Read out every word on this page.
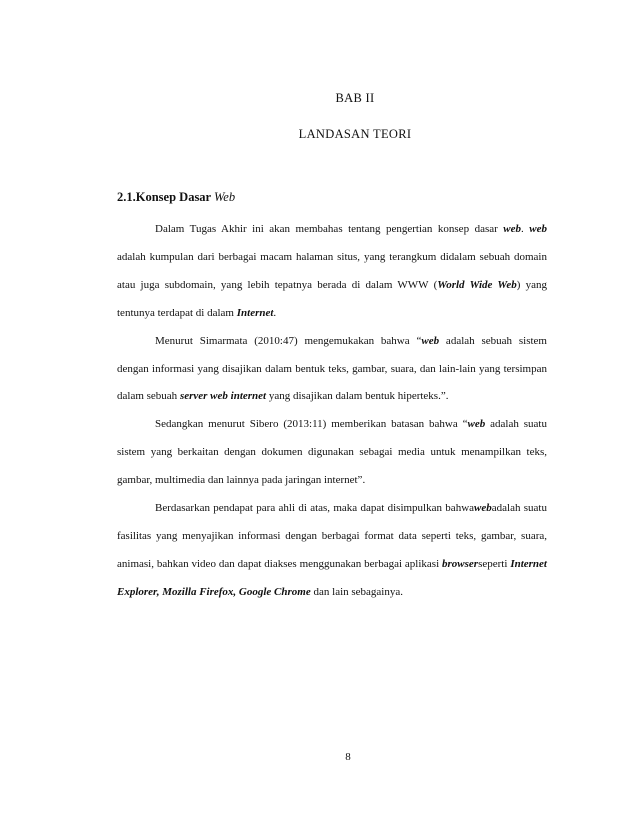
BAB II
LANDASAN TEORI
2.1.Konsep Dasar Web

Dalam Tugas Akhir ini akan membahas tentang pengertian konsep dasar web. web adalah kumpulan dari berbagai macam halaman situs, yang terangkum didalam sebuah domain atau juga subdomain, yang lebih tepatnya berada di dalam WWW (World Wide Web) yang tentunya terdapat di dalam Internet.

Menurut Simarmata (2010:47) mengemukakan bahwa “web adalah sebuah sistem dengan informasi yang disajikan dalam bentuk teks, gambar, suara, dan lain-lain yang tersimpan dalam sebuah server web internet yang disajikan dalam bentuk hiperteks.”.

Sedangkan menurut Sibero (2013:11) memberikan batasan bahwa “web adalah suatu sistem yang berkaitan dengan dokumen digunakan sebagai media untuk menampilkan teks, gambar, multimedia dan lainnya pada jaringan internet”.

Berdasarkan pendapat para ahli di atas, maka dapat disimpulkan bahwawebadalah suatu fasilitas yang menyajikan informasi dengan berbagai format data seperti teks, gambar, suara, animasi, bahkan video dan dapat diakses menggunakan berbagai aplikasi browserseperti Internet Explorer, Mozilla Firefox, Google Chrome dan lain sebagainya.

8
